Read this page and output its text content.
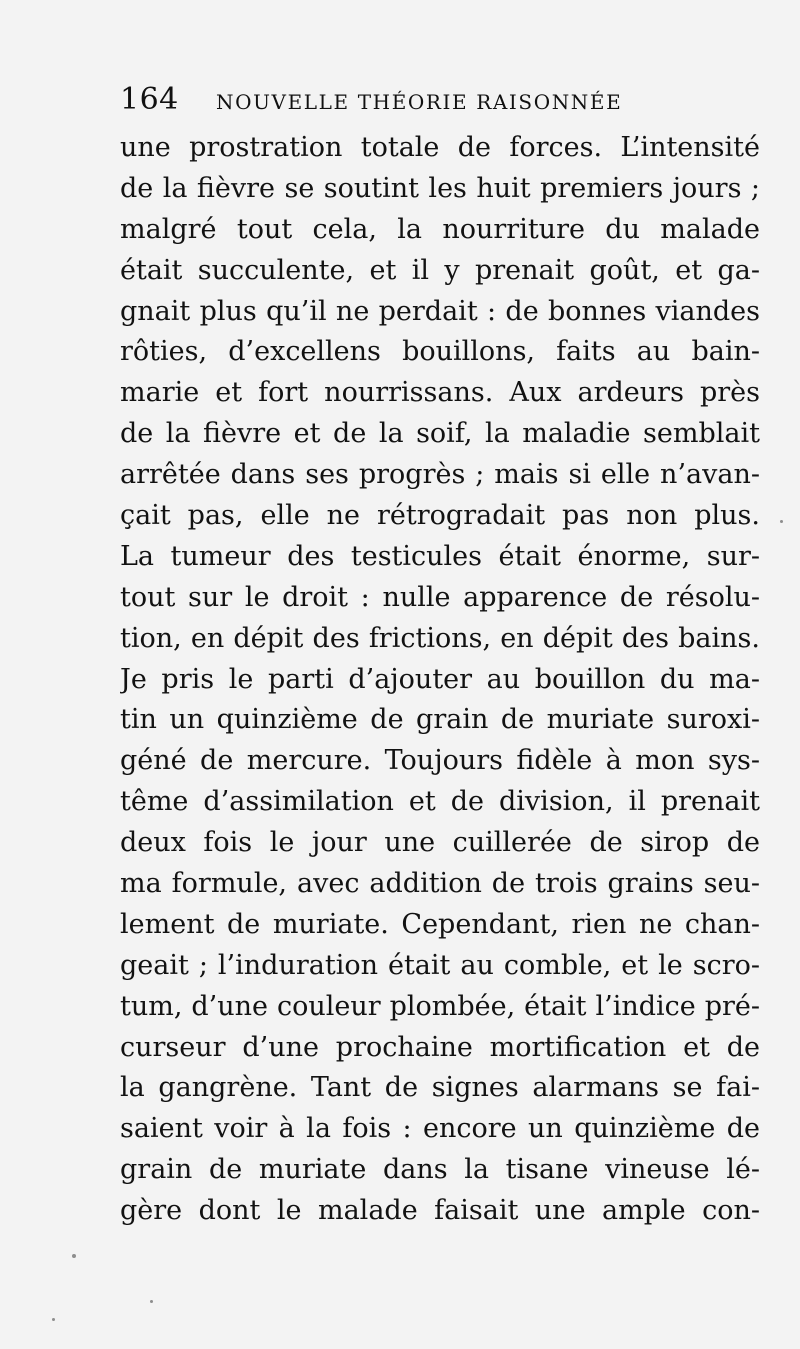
164 NOUVELLE THÉORIE RAISONNÉE
une prostration totale de forces. L’intensité
de la fièvre se soutint les huit premiers jours ;
malgré tout cela, la nourriture du malade
était succulente, et il y prenait goût, et ga-
gnait plus qu’il ne perdait : de bonnes viandes
rôties, d’excellens bouillons, faits au bain-
marie et fort nourrissans. Aux ardeurs près
de la fièvre et de la soif, la maladie semblait
arrêtée dans ses progrès ; mais si elle n’avan-
çait pas, elle ne rétrogradait pas non plus.
La tumeur des testicules était énorme, sur-
tout sur le droit : nulle apparence de résolu-
tion, en dépit des frictions, en dépit des bains.
Je pris le parti d’ajouter au bouillon du ma-
tin un quinzième de grain de muriate suroxi-
géné de mercure. Toujours fidèle à mon sys-
tême d’assimilation et de division, il prenait
deux fois le jour une cuillerée de sirop de
ma formule, avec addition de trois grains seu-
lement de muriate. Cependant, rien ne chan-
geait ; l’induration était au comble, et le scro-
tum, d’une couleur plombée, était l’indice pré-
curseur d’une prochaine mortification et de
la gangrène. Tant de signes alarmans se fai-
saient voir à la fois : encore un quinzième de
grain de muriate dans la tisane vineuse lé-
gère dont le malade faisait une ample con-
